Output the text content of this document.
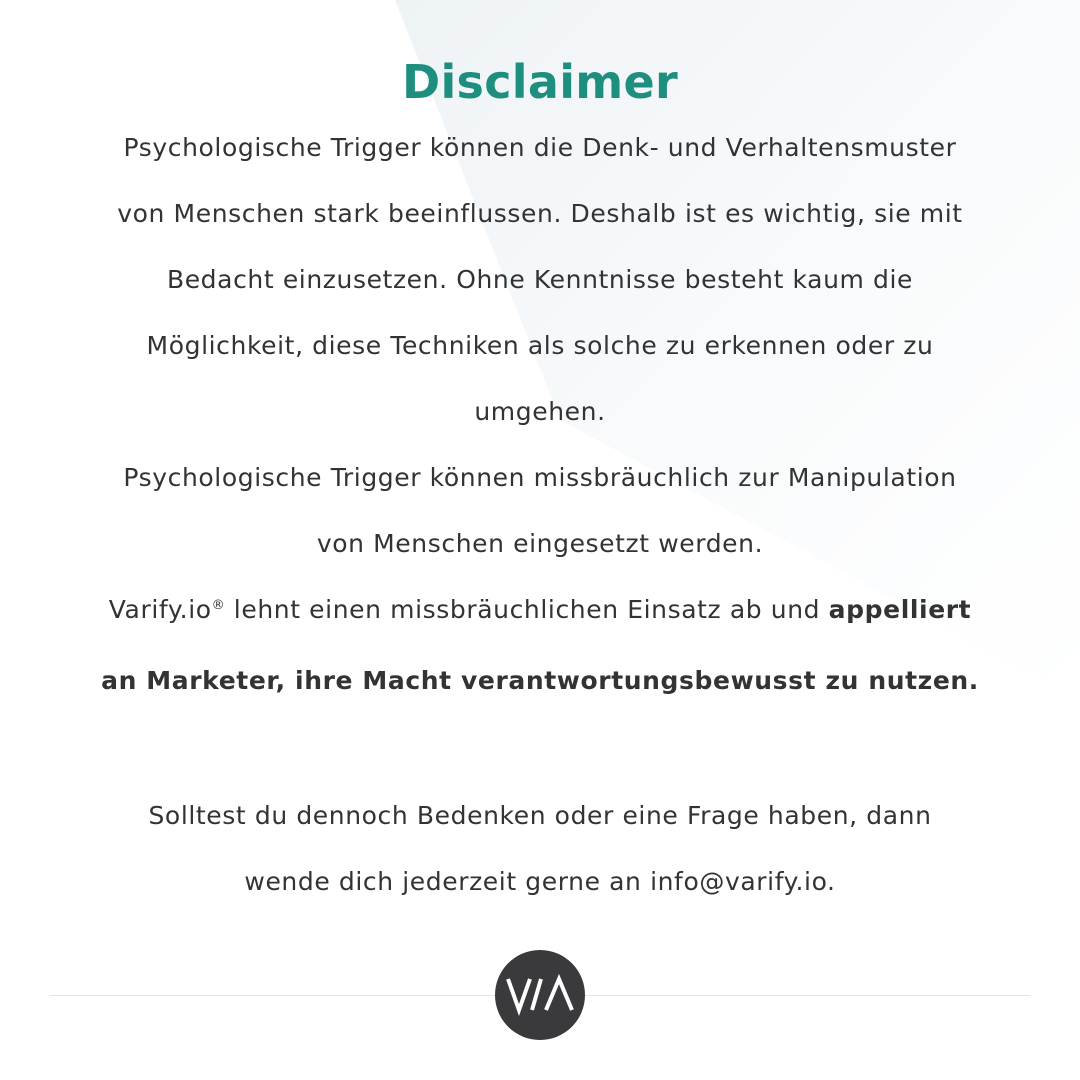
Disclaimer

Psychologische Trigger können die Denk- und Verhaltensmuster
von Menschen stark beeinflussen. Deshalb ist es wichtig, sie mit
Bedacht einzusetzen. Ohne Kenntnisse besteht kaum die
Möglichkeit, diese Techniken als solche zu erkennen oder zu
umgehen.

Psychologische Trigger können missbräuchlich zur Manipulation
von Menschen eingesetzt werden.

Varify.io® lehnt einen missbräuchlichen Einsatz ab und appelliert
an Marketer, ihre Macht verantwortungsbewusst zu nutzen.

Solltest du dennoch Bedenken oder eine Frage haben, dann
wende dich jederzeit gerne an info@varify.io.
